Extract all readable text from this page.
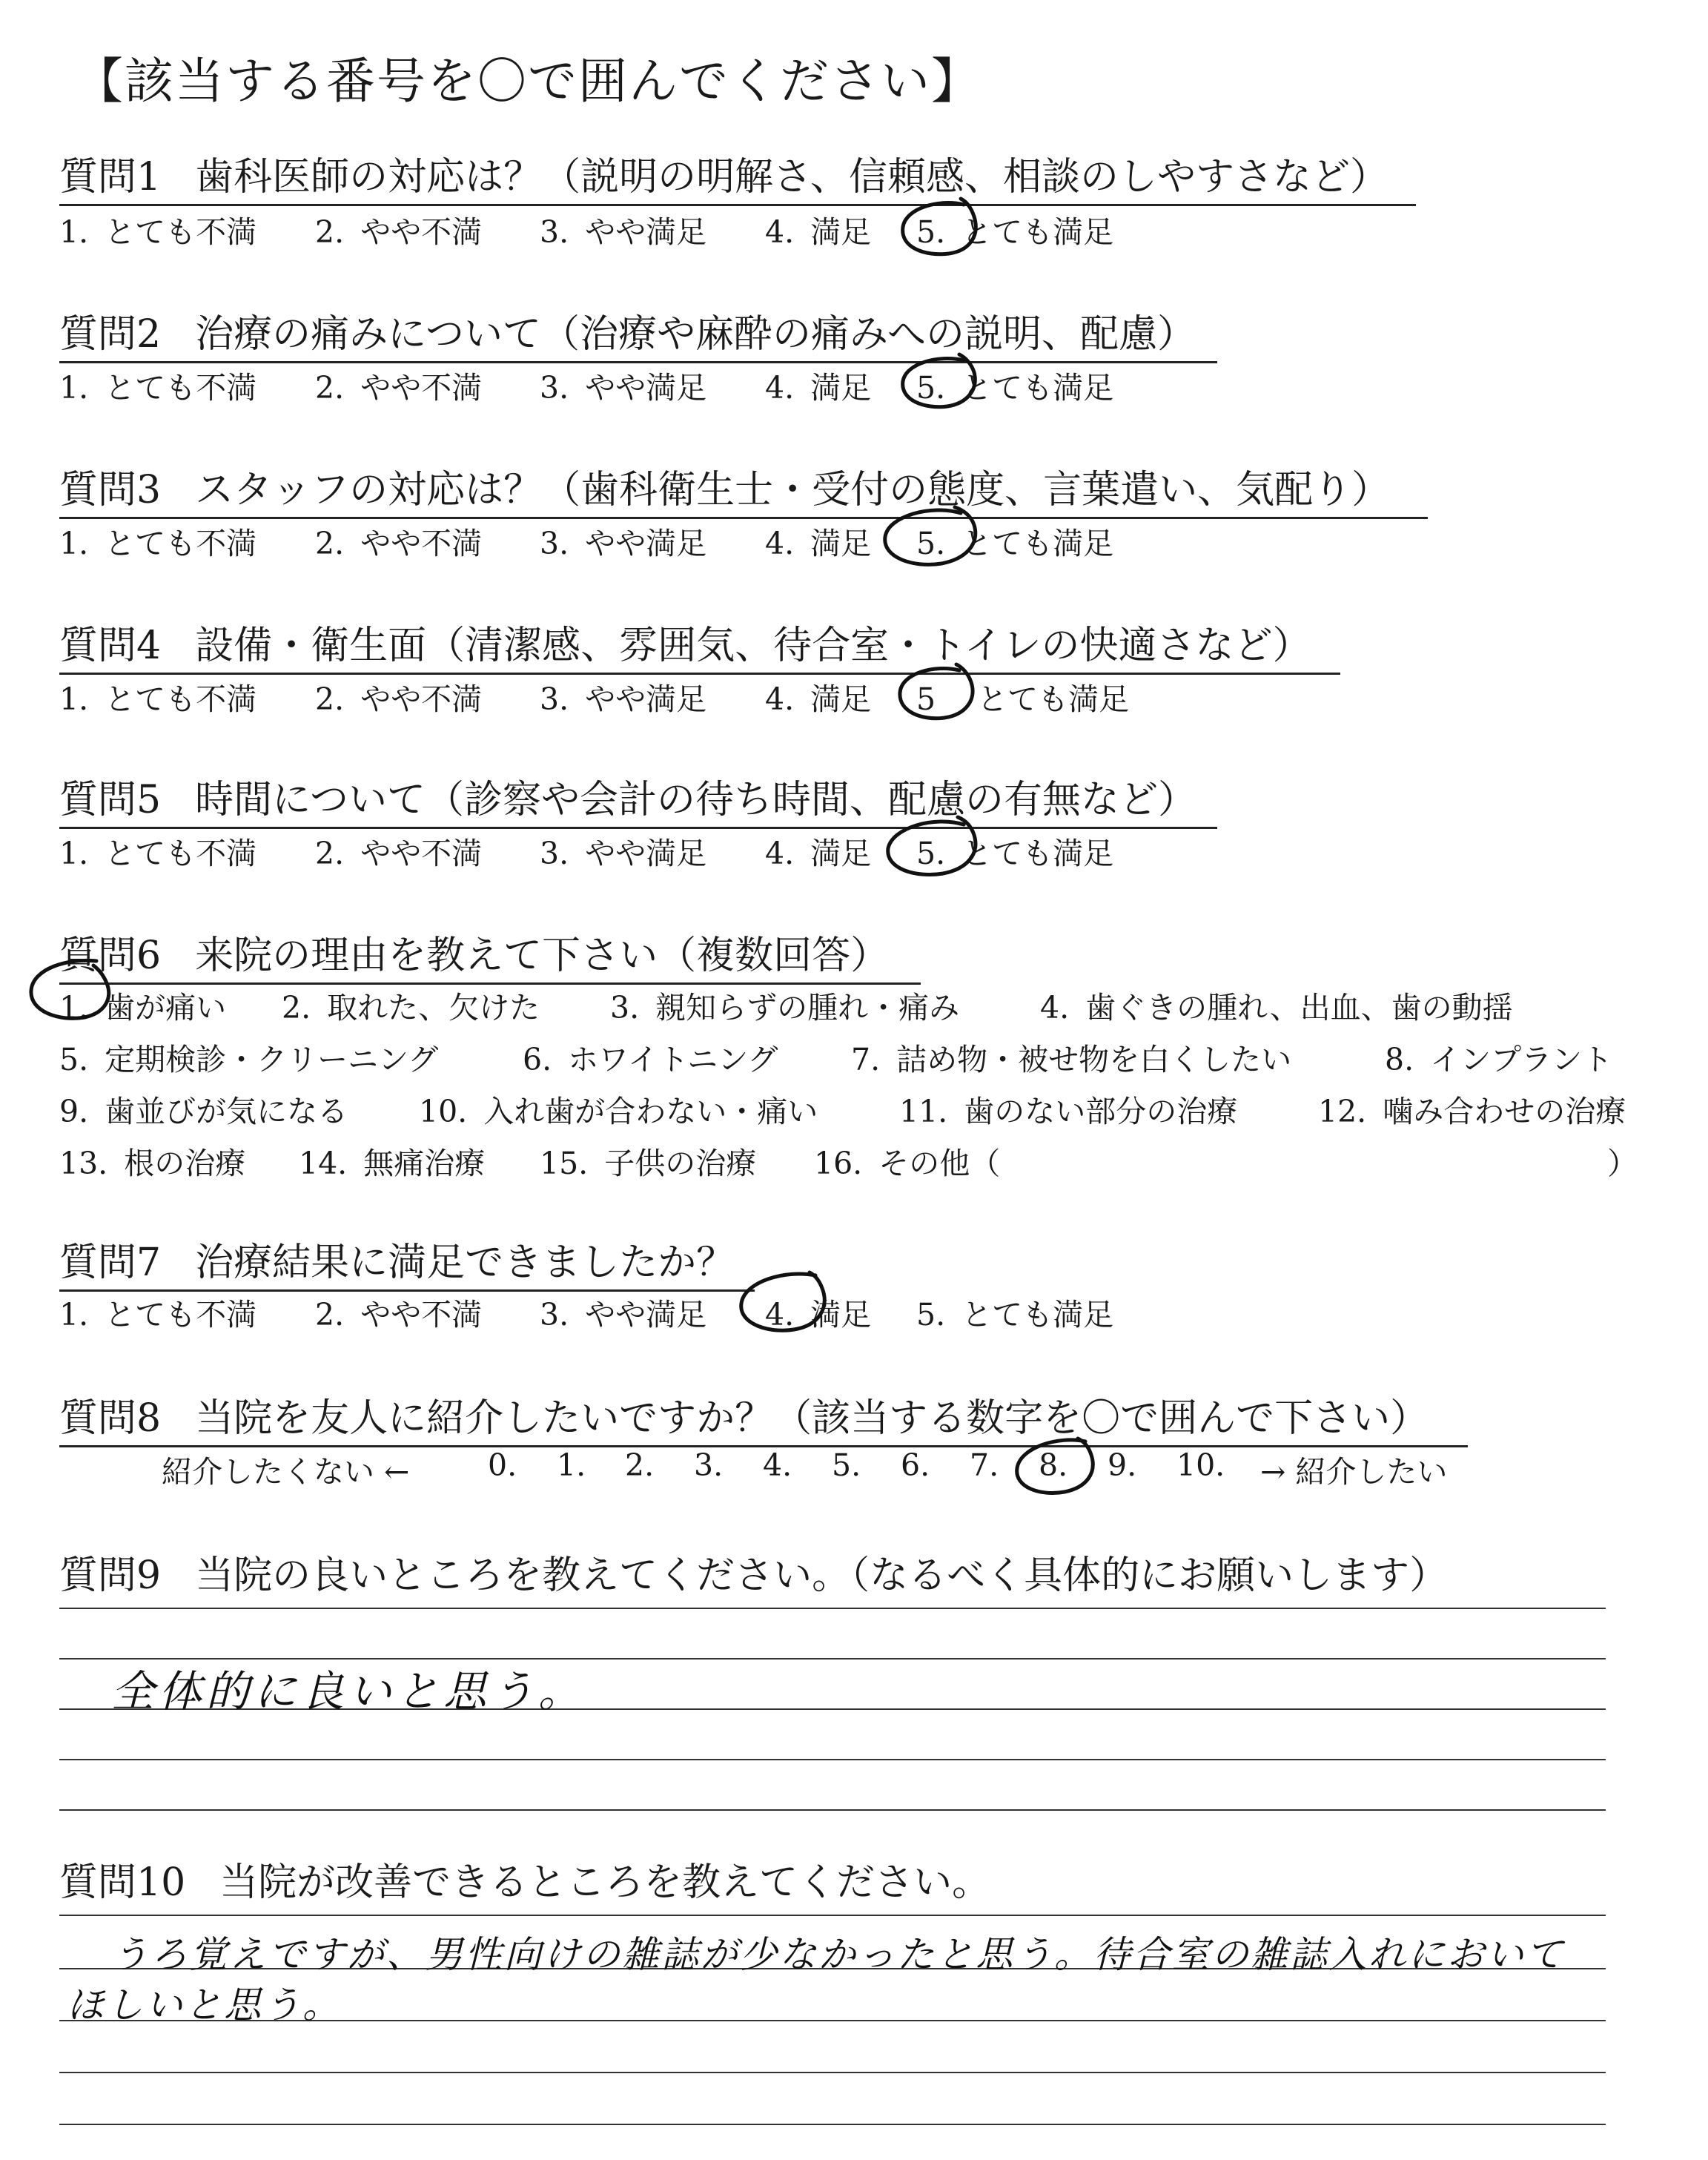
【該当する番号を〇で囲んでください】
質問1 歯科医師の対応は？（説明の明解さ、信頼感、相談のしやすさなど）
1. とても不満 2. やや不満 3. やや満足 4. 満足 5. とても満足
質問2 治療の痛みについて（治療や麻酔の痛みへの説明、配慮）
1. とても不満 2. やや不満 3. やや満足 4. 満足 5. とても満足
質問3 スタッフの対応は？（歯科衛生士・受付の態度、言葉遣い、気配り）
1. とても不満 2. やや不満 3. やや満足 4. 満足 5. とても満足
質問4 設備・衛生面（清潔感、雰囲気、待合室・トイレの快適さなど）
1. とても不満 2. やや不満 3. やや満足 4. 満足 5 とても満足
質問5 時間について（診察や会計の待ち時間、配慮の有無など）
1. とても不満 2. やや不満 3. やや満足 4. 満足 5. とても満足
質問6 来院の理由を教えて下さい（複数回答）
1. 歯が痛い 2. 取れた、欠けた 3. 親知らずの腫れ・痛み	4. 歯ぐきの腫れ、出血、歯の動揺
5. 定期検診・クリーニング	6. ホワイトニング 7. 詰め物・被せ物を白くしたい	8. インプラント
9. 歯並びが気になる 10. 入れ歯が合わない・痛い	11. 歯のない部分の治療	12. 噛み合わせの治療
13. 根の治療 14. 無痛治療 15. 子供の治療 16. その他（	）
質問7 治療結果に満足できましたか？
1. とても不満 2. やや不満 3. やや満足 4. 満足 5. とても満足
質問8 当院を友人に紹介したいですか？（該当する数字を〇で囲んで下さい）
紹介したくない ←	0. 1. 2. 3. 4. 5. 6. 7. 8. 9. 10. → 紹介したい
質問9 当院の良いところを教えてください。（なるべく具体的にお願いします）
全体的に良いと思う。
質問10 当院が改善できるところを教えてください。
うろ覚えですが、男性向けの雑誌が少なかったと思う。待合室の雑誌入れにおいて
ほしいと思う。
